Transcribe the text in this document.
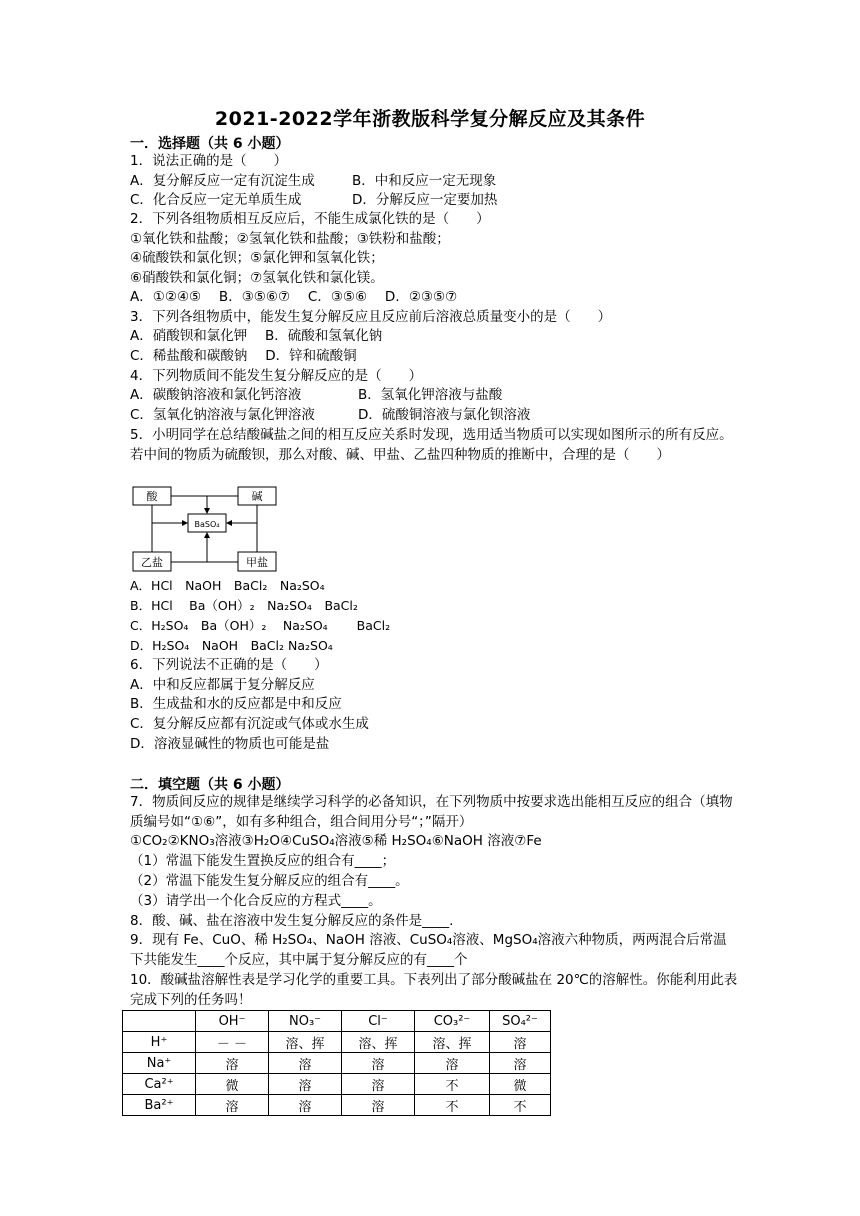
2021-2022学年浙教版科学复分解反应及其条件
一．选择题（共 6 小题）
1．说法正确的是（　　）
A．复分解反应一定有沉淀生成	B．中和反应一定无现象
C．化合反应一定无单质生成	D．分解反应一定要加热
2．下列各组物质相互反应后，不能生成氯化铁的是（　　）
①氧化铁和盐酸；②氢氧化铁和盐酸；③铁粉和盐酸；
④硫酸铁和氯化钡；⑤氯化钾和氢氧化铁；
⑥硝酸铁和氯化铜；⑦氢氧化铁和氯化镁。
A．①②④⑤　 B．③⑤⑥⑦　 C．③⑤⑥　 D．②③⑤⑦
3．下列各组物质中，能发生复分解反应且反应前后溶液总质量变小的是（　　）
A．硝酸钡和氯化钾　 B．硫酸和氢氧化钠
C．稀盐酸和碳酸钠　 D．锌和硫酸铜
4．下列物质间不能发生复分解反应的是（　　）
A．碳酸钠溶液和氯化钙溶液	B．氢氧化钾溶液与盐酸
C．氢氧化钠溶液与氯化钾溶液	D．硫酸铜溶液与氯化钡溶液
5．小明同学在总结酸碱盐之间的相互反应关系时发现，选用适当物质可以实现如图所示的所有反应。若中间的物质为硫酸钡，那么对酸、碱、甲盐、乙盐四种物质的推断中，合理的是（　　）
酸	碱
BaSO₄
乙盐	甲盐
A．HCl　NaOH　BaCl₂　Na₂SO₄
B．HCl　 Ba（OH）₂　Na₂SO₄　BaCl₂
C．H₂SO₄　Ba（OH）₂　 Na₂SO₄　　 BaCl₂
D．H₂SO₄　NaOH　BaCl₂ Na₂SO₄
6．下列说法不正确的是（　　）
A．中和反应都属于复分解反应
B．生成盐和水的反应都是中和反应
C．复分解反应都有沉淀或气体或水生成
D．溶液显碱性的物质也可能是盐
二．填空题（共 6 小题）
7．物质间反应的规律是继续学习科学的必备知识，在下列物质中按要求选出能相互反应的组合（填物质编号如“①⑥”，如有多种组合，组合间用分号“；”隔开）
①CO₂②KNO₃溶液③H₂O④CuSO₄溶液⑤稀 H₂SO₄⑥NaOH 溶液⑦Fe
（1）常温下能发生置换反应的组合有____；
（2）常温下能发生复分解反应的组合有____。
（3）请学出一个化合反应的方程式____。
8．酸、碱、盐在溶液中发生复分解反应的条件是____.
9．现有 Fe、CuO、稀 H₂SO₄、NaOH 溶液、CuSO₄溶液、MgSO₄溶液六种物质，两两混合后常温下共能发生____个反应，其中属于复分解反应的有____个
10．酸碱盐溶解性表是学习化学的重要工具。下表列出了部分酸碱盐在 20℃的溶解性。你能利用此表完成下列的任务吗！
	OH⁻	NO₃⁻	Cl⁻	CO₃²⁻	SO₄²⁻
H⁺	－ －	溶、挥	溶、挥	溶、挥	溶
Na⁺	溶	溶	溶	溶	溶
Ca²⁺	微	溶	溶	不	微
Ba²⁺	溶	溶	溶	不	不
